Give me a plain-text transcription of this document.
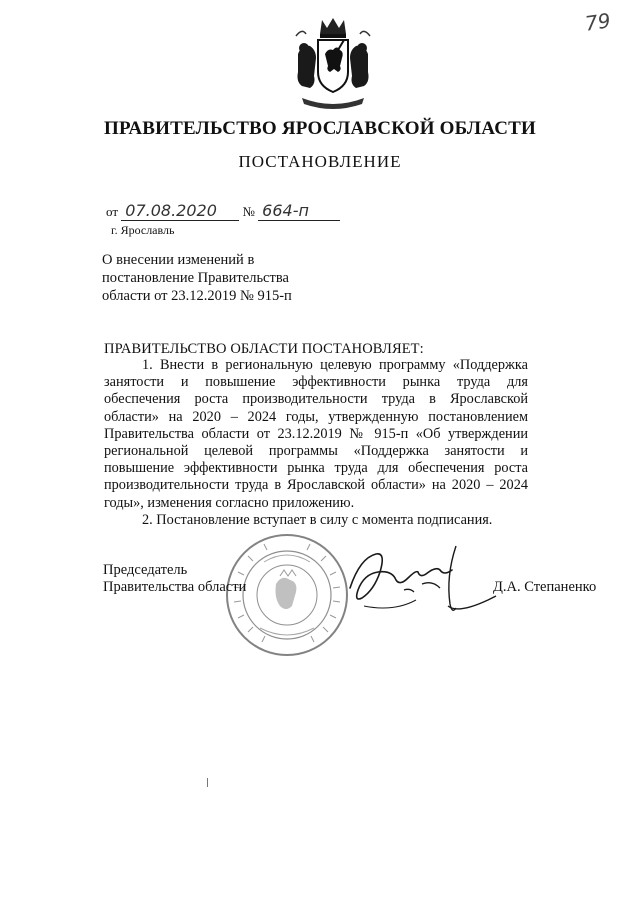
79
ПРАВИТЕЛЬСТВО ЯРОСЛАВСКОЙ ОБЛАСТИ
ПОСТАНОВЛЕНИЕ
от 07.08.2020 № 664-п
г. Ярославль
О внесении изменений в
постановление Правительства
области от 23.12.2019 № 915-п
ПРАВИТЕЛЬСТВО ОБЛАСТИ ПОСТАНОВЛЯЕТ:

1. Внести в региональную целевую программу «Поддержка занятости и повышение эффективности рынка труда для обеспечения роста производительности труда в Ярославской области» на 2020 – 2024 годы, утвержденную постановлением Правительства области от 23.12.2019 № 915-п «Об утверждении региональной целевой программы «Поддержка занятости и повышение эффективности рынка труда для обеспечения роста производительности труда в Ярославской области» на 2020 – 2024 годы», изменения согласно приложению.

2. Постановление вступает в силу с момента подписания.

Председатель
Правительства области	Д.А. Степаненко
